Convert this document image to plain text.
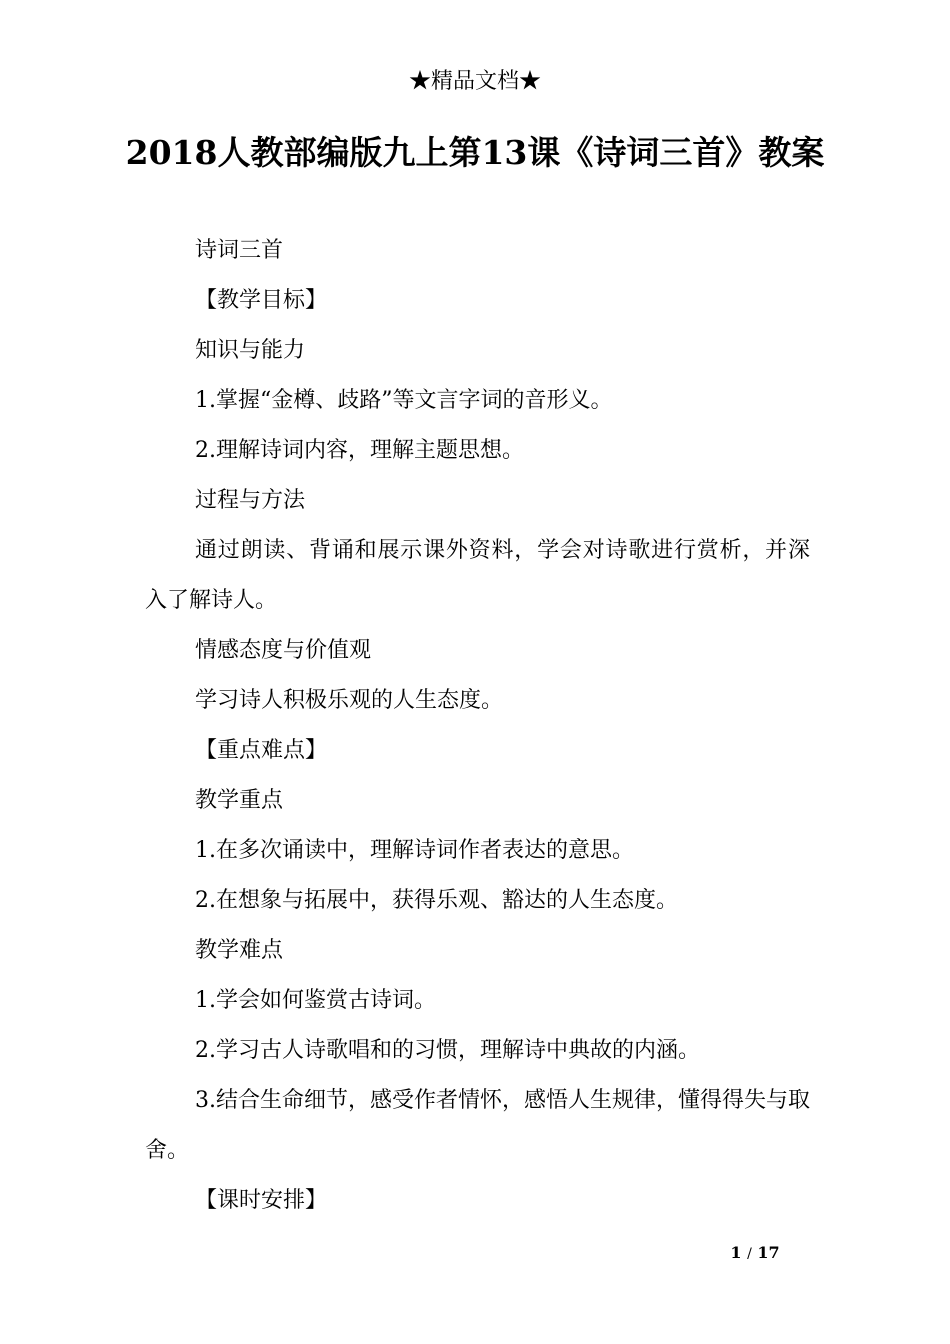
★精品文档★
2018人教部编版九上第13课《诗词三首》教案

诗词三首

【教学目标】

知识与能力

1.掌握“金樽、歧路”等文言字词的音形义。

2.理解诗词内容，理解主题思想。

过程与方法

通过朗读、背诵和展示课外资料，学会对诗歌进行赏析，并深入了解诗人。

情感态度与价值观

学习诗人积极乐观的人生态度。

【重点难点】

教学重点

1.在多次诵读中，理解诗词作者表达的意思。

2.在想象与拓展中，获得乐观、豁达的人生态度。

教学难点

1.学会如何鉴赏古诗词。

2.学习古人诗歌唱和的习惯，理解诗中典故的内涵。

3.结合生命细节，感受作者情怀，感悟人生规律，懂得得失与取舍。

【课时安排】

1 / 17
